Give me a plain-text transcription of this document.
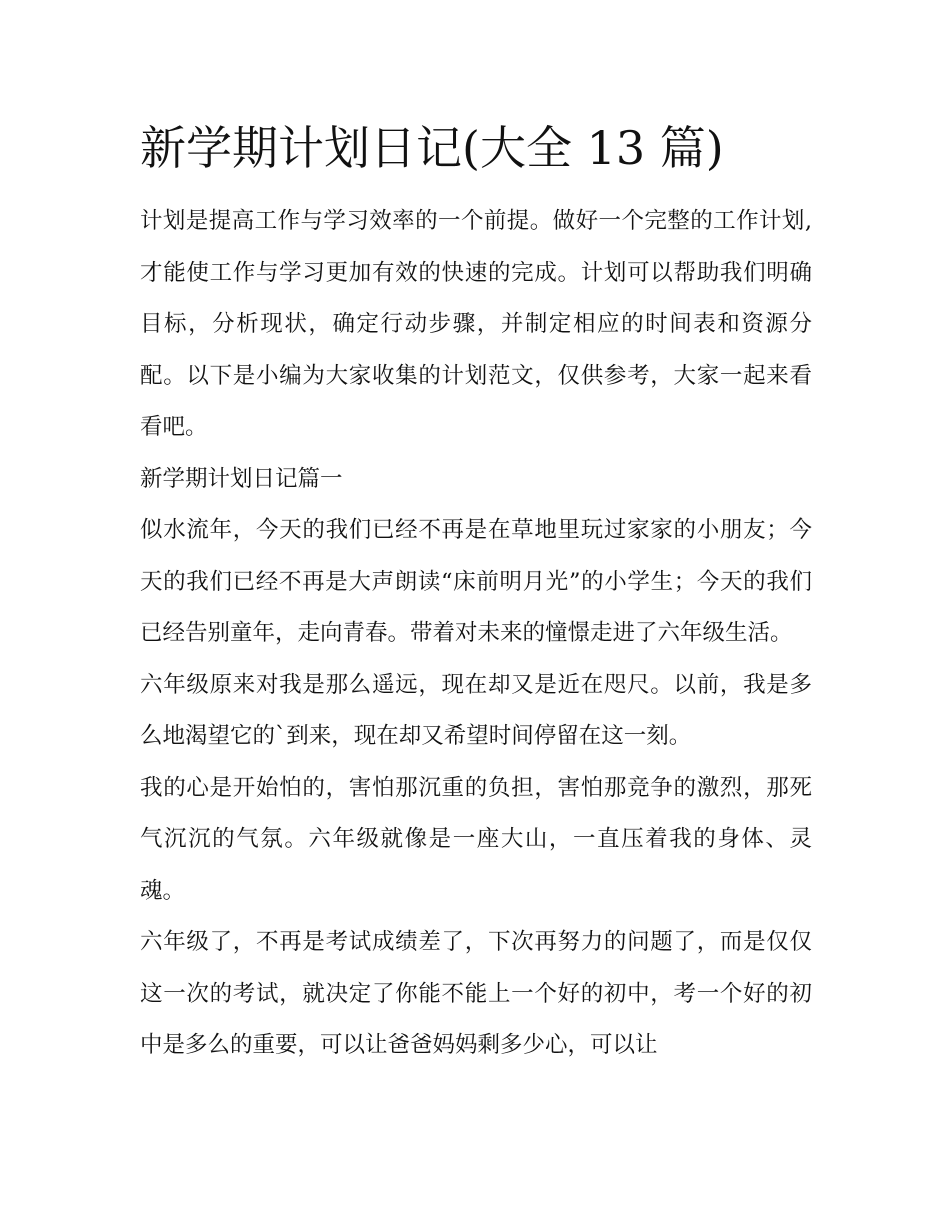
新学期计划日记(大全 13 篇)

计划是提高工作与学习效率的一个前提。做好一个完整的工作计划,才能使工作与学习更加有效的快速的完成。计划可以帮助我们明确目标，分析现状，确定行动步骤，并制定相应的时间表和资源分配。以下是小编为大家收集的计划范文，仅供参考，大家一起来看看吧。

新学期计划日记篇一

似水流年，今天的我们已经不再是在草地里玩过家家的小朋友；今天的我们已经不再是大声朗读“床前明月光”的小学生；今天的我们已经告别童年，走向青春。带着对未来的憧憬走进了六年级生活。

六年级原来对我是那么遥远，现在却又是近在咫尺。以前，我是多么地渴望它的`到来，现在却又希望时间停留在这一刻。

我的心是开始怕的，害怕那沉重的负担，害怕那竞争的激烈，那死气沉沉的气氛。六年级就像是一座大山，一直压着我的身体、灵魂。

六年级了，不再是考试成绩差了，下次再努力的问题了，而是仅仅这一次的考试，就决定了你能不能上一个好的初中，考一个好的初中是多么的重要，可以让爸爸妈妈剩多少心，可以让
